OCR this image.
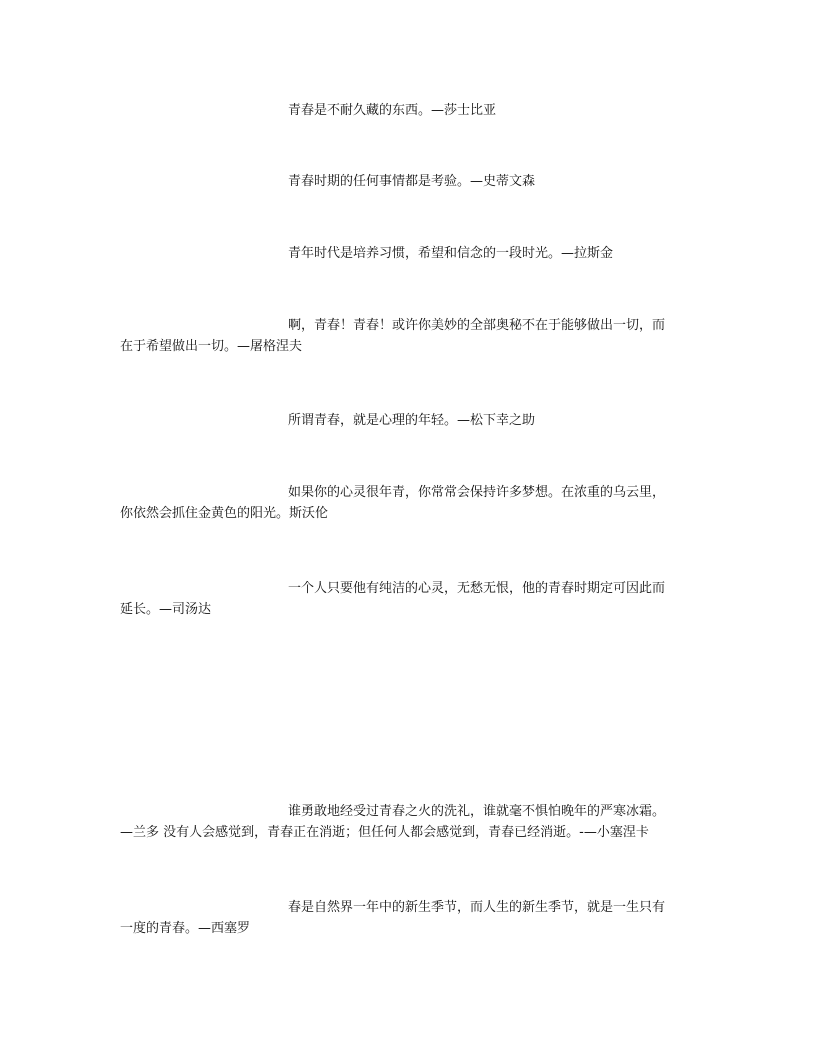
青春是不耐久藏的东西。—莎士比亚
青春时期的任何事情都是考验。—史蒂文森
青年时代是培养习惯，希望和信念的一段时光。—拉斯金
啊，青春！青春！或许你美妙的全部奥秘不在于能够做出一切，而
在于希望做出一切。—屠格涅夫
所谓青春，就是心理的年轻。—松下幸之助
如果你的心灵很年青，你常常会保持许多梦想。在浓重的乌云里，
你依然会抓住金黄色的阳光。斯沃伦
一个人只要他有纯洁的心灵，无愁无恨，他的青春时期定可因此而
延长。—司汤达
谁勇敢地经受过青春之火的洗礼，谁就毫不惧怕晚年的严寒冰霜。
—兰多 没有人会感觉到，青春正在消逝；但任何人都会感觉到，青春已经消逝。-—小塞涅卡
春是自然界一年中的新生季节，而人生的新生季节，就是一生只有
一度的青春。—西塞罗
